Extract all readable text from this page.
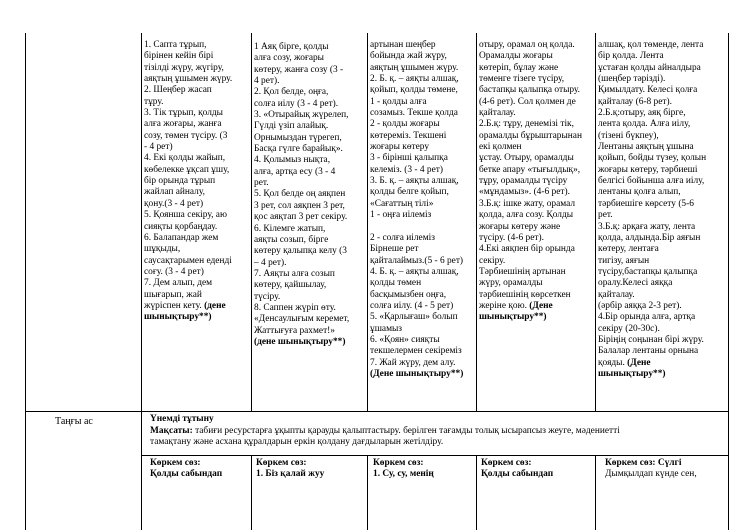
1. Сапта тұрып,
бірінен кейін бірі
тізілді жүру, жүгіру,
аяқтың ұшымен жүру.
2. Шеңбер жасап
тұру.
3. Тік тұрып, қолды
алға жоғары, жанға
созу, төмен түсіру. (3
- 4 рет)
4. Екі қолды жайып,
көбелекке ұқсап ұшу,
бір орында тұрып
жайлап айналу,
қону.(3 - 4 рет)
5. Қоянша секіру, аю
сияқты қорбаңдау.
6. Балапандар жем
шұқыды,
саусақтарымен еденді
соғу. (3 - 4 рет)
7. Дем алып, дем
шығарып, жай
жүріспен кету. (дене
шынықтыру**)
1 Аяқ бірге, қолды
алға созу, жоғары
көтеру, жанға созу (3 -
4 рет).
2. Қол белде, оңға,
солға иілу (3 - 4 рет).
3. «Отырайық жүрелеп,
Гүлді үзіп алайық.
Орнымыздан түрегеп,
Басқа гүлге барайық».
4. Қолымыз нықта,
алға, артқа есу (3 - 4
рет.
5. Қол белде оң аяқпен
3 рет, сол аяқпен 3 рет,
қос аяқтап 3 рет секіру.
6. Кілемге жатып,
аяқты созып, бірге
көтеру қалыпқа келу (3
– 4 рет).
7. Аяқты алға созып
көтеру, қайшылау,
түсіру.
8. Саппен жүріп өту.
«Денсаулығым керемет,
Жаттығуға рахмет!»
(дене шынықтыру**)
артынан шеңбер
бойында жай жүру,
аяқтың ұшымен жүру.
2. Б. қ. – аяқты алшақ,
қойып, қолды төмене,
1 - қолды алға
созамыз. Текше қолда
2 - қолды жоғары
көтереміз. Текшені
жоғары көтеру
3 - бірінші қалыпқа
келеміз. (3 - 4 рет)
3. Б. қ. – аяқты алшақ,
қолды белге қойып,
«Сағаттың тілі»
1 - оңға иілеміз

2 - солға иілеміз
Бірнеше рет
қайталаймыз.(5 - 6 рет)
4. Б. қ. – аяқты алшақ,
қолды төмен
басқымызбен оңға,
солға иілу. (4 - 5 рет)
5. «Қарлығаш» болып
ұшамыз
6. «Қоян» сияқты
текшелермен секіреміз
7. Жай жүру, дем алу.
(Дене шынықтыру**)
отыру, орамал оң қолда.
Орамалды жоғары
көтеріп, бұлау және
төменге тізеге түсіру,
бастапқы қалыпқа отыру.
(4-6 рет). Сол қолмен де
қайталау.
2.Б.қ: тұру, денемізі тік,
орамалды бұрыштарынан
екі қолмен
ұстау. Отыру, орамалды
бетке апару «тығылдық»,
тұру, орамалды түсіру
«мұндамыз». (4-6 рет).
3.Б.қ: ішке жату, орамал
қолда, алға созу. Қолды
жоғары көтеру және
түсіру. (4-6 рет).
4.Екі аяқпен бір орында
секіру.
Тәрбиешінің артынан
жүру, орамалды
тәрбиешінің көрсеткен
жеріне қою. (Дене
шынықтыру**)
алшақ, қол төменде, лента
бір қолда. Лента
ұстаған қолды айналдыра
(шеңбер тәрізді).
Қимылдату. Келесі қолға
қайталау (6-8 рет).
2.Б.қ:отыру, аяқ бірге,
лента қолда. Алға иілу,
(тізені бүкпеу),
Лентаны аяқтың ұшына
қойып, бойды түзеу, қолын
жоғары көтеру, тәрбиеші
белгісі бойынша алға иілу,
лентаны қолға алып,
тәрбиешіге көрсету (5-6
рет.
3.Б.қ: арқаға жату, лента
қолда, алдында.Бір аяғын
көтеру, лентаға
тигізу, аяғын
түсіру,бастапқы қалыпқа
оралу.Келесі аяққа
қайталау.
(әрбір аяққа 2-3 рет).
4.Бір орында алға, артқа
секіру (20-30с).
Біріңің соңынан бірі жүру.
Балалар лентаны орнына
қояды. (Дене
шынықтыру**)
Таңғы ас	Үнемді тұтыну
Мақсаты: табиғи ресурстарға ұқыпты қарауды қалыптастыру. берілген тағамды толық ысырапсыз жеуге, мәдениетті
тамақтану және асхана құралдарын еркін қолдану дағдыларын жетілдіру.
Көркем сөз:
Қолды сабындап
Көркем сөз:
1. Біз қалай жуу
Көркем сөз:
1. Су, су, менің
Көркем сөз:
Қолды сабындап
Көркем сөз: Сүлгі
Дымқылдап күнде сен,
